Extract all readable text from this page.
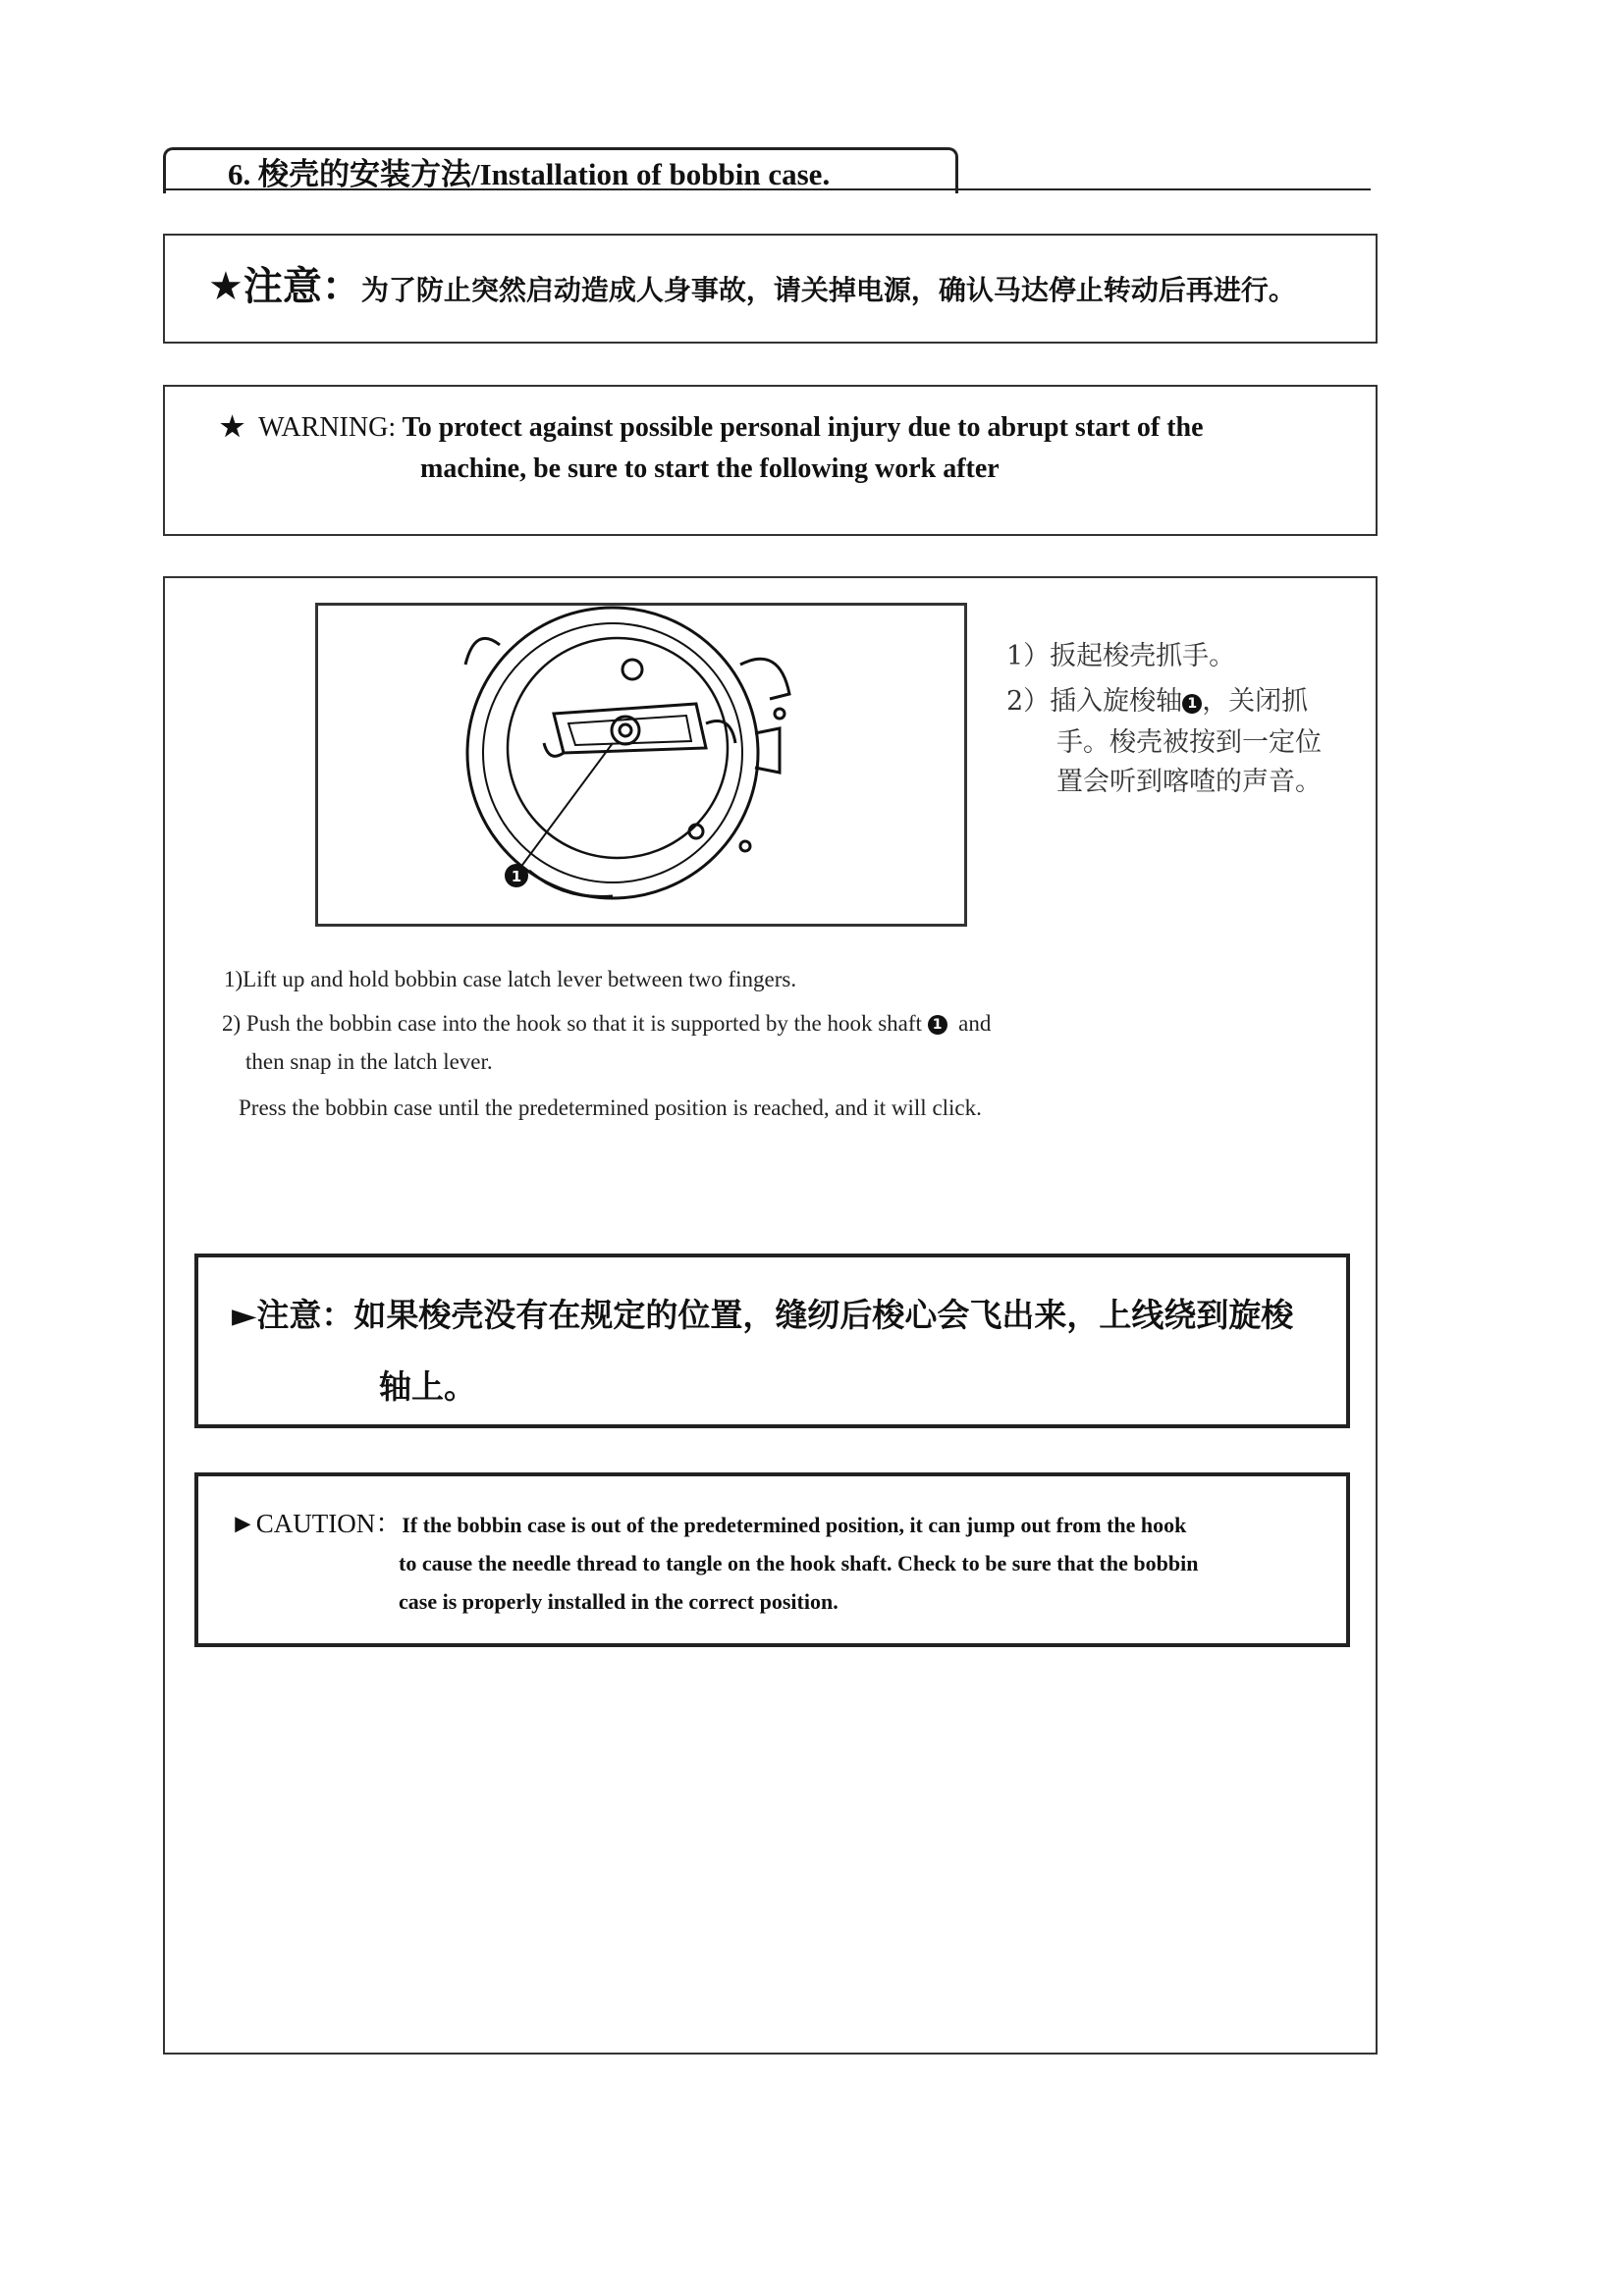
6. 梭壳的安装方法/Installation of bobbin case.
★注意：为了防止突然启动造成人身事故，请关掉电源，确认马达停止转动后再进行。
★ WARNING: To protect against possible personal injury due to abrupt start of the
machine, be sure to start the following work after
1
1）扳起梭壳抓手。
2）插入旋梭轴 1 ，关闭抓
手。梭壳被按到一定位
置会听到喀喳的声音。
1)Lift up and hold bobbin case latch lever between two fingers.
2) Push the bobbin case into the hook so that it is supported by the hook shaft 1 and
then snap in the latch lever.
Press the bobbin case until the predetermined position is reached, and it will click.
►注意：如果梭壳没有在规定的位置，缝纫后梭心会飞出来，上线绕到旋梭
轴上。
►CAUTION：If the bobbin case is out of the predetermined position, it can jump out from the hook
to cause the needle thread to tangle on the hook shaft. Check to be sure that the bobbin
case is properly installed in the correct position.
